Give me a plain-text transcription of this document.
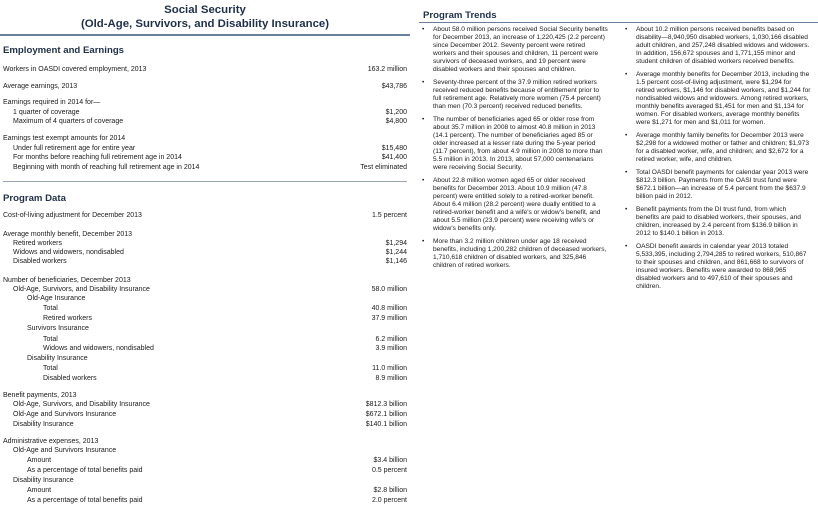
Social Security
(Old-Age, Survivors, and Disability Insurance)
Employment and Earnings
Workers in OASDI covered employment, 2013	163.2 million
Average earnings, 2013	$43,786
Earnings required in 2014 for—
1 quarter of coverage	$1,200
Maximum of 4 quarters of coverage	$4,800
Earnings test exempt amounts for 2014
Under full retirement age for entire year	$15,480
For months before reaching full retirement age in 2014	$41,400
Beginning with month of reaching full retirement age in 2014	Test eliminated
Program Data
Cost-of-living adjustment for December 2013	1.5 percent
Average monthly benefit, December 2013
Retired workers	$1,294
Widows and widowers, nondisabled	$1,244
Disabled workers	$1,146
Number of beneficiaries, December 2013
Old-Age, Survivors, and Disability Insurance	58.0 million
Old-Age Insurance
Total	40.8 million
Retired workers	37.9 million
Survivors Insurance
Total	6.2 million
Widows and widowers, nondisabled	3.9 million
Disability Insurance
Total	11.0 million
Disabled workers	8.9 million
Benefit payments, 2013
Old-Age, Survivors, and Disability Insurance	$812.3 billion
Old-Age and Survivors Insurance	$672.1 billion
Disability Insurance	$140.1 billion
Administrative expenses, 2013
Old-Age and Survivors Insurance
Amount	$3.4 billion
As a percentage of total benefits paid	0.5 percent
Disability Insurance
Amount	$2.8 billion
As a percentage of total benefits paid	2.0 percent
Program Trends
• About 58.0 million persons received Social Security benefits for December 2013, an increase of 1,220,425 (2.2 percent) since December 2012. Seventy percent were retired workers and their spouses and children, 11 percent were survivors of deceased workers, and 19 percent were disabled workers and their spouses and children.
• Seventy-three percent of the 37.9 million retired workers received reduced benefits because of entitlement prior to full retirement age. Relatively more women (75.4 percent) than men (70.3 percent) received reduced benefits.
• The number of beneficiaries aged 65 or older rose from about 35.7 million in 2008 to almost 40.8 million in 2013 (14.1 percent). The number of beneficiaries aged 85 or older increased at a lesser rate during the 5-year period (11.7 percent), from about 4.9 million in 2008 to more than 5.5 million in 2013. In 2013, about 57,000 centenarians were receiving Social Security.
• About 22.8 million women aged 65 or older received benefits for December 2013. About 10.9 million (47.8 percent) were entitled solely to a retired-worker benefit. About 6.4 million (28.2 percent) were dually entitled to a retired-worker benefit and a wife's or widow's benefit, and about 5.5 million (23.9 percent) were receiving wife's or widow's benefits only.
• More than 3.2 million children under age 18 received benefits, including 1,200,282 children of deceased workers, 1,710,618 children of disabled workers, and 325,846 children of retired workers.
• About 10.2 million persons received benefits based on disability—8,940,950 disabled workers, 1,030,166 disabled adult children, and 257,248 disabled widows and widowers. In addition, 156,672 spouses and 1,771,155 minor and student children of disabled workers received benefits.
• Average monthly benefits for December 2013, including the 1.5 percent cost-of-living adjustment, were $1,294 for retired workers, $1,146 for disabled workers, and $1,244 for nondisabled widows and widowers. Among retired workers, monthly benefits averaged $1,451 for men and $1,134 for women. For disabled workers, average monthly benefits were $1,271 for men and $1,011 for women.
• Average monthly family benefits for December 2013 were $2,298 for a widowed mother or father and children; $1,973 for a disabled worker, wife, and children; and $2,672 for a retired worker, wife, and children.
• Total OASDI benefit payments for calendar year 2013 were $812.3 billion. Payments from the OASI trust fund were $672.1 billion—an increase of 5.4 percent from the $637.9 billion paid in 2012.
• Benefit payments from the DI trust fund, from which benefits are paid to disabled workers, their spouses, and children, increased by 2.4 percent from $136.9 billion in 2012 to $140.1 billion in 2013.
• OASDI benefit awards in calendar year 2013 totaled 5,533,395, including 2,794,285 to retired workers, 510,867 to their spouses and children, and 861,668 to survivors of insured workers. Benefits were awarded to 868,965 disabled workers and to 497,610 of their spouses and children.
